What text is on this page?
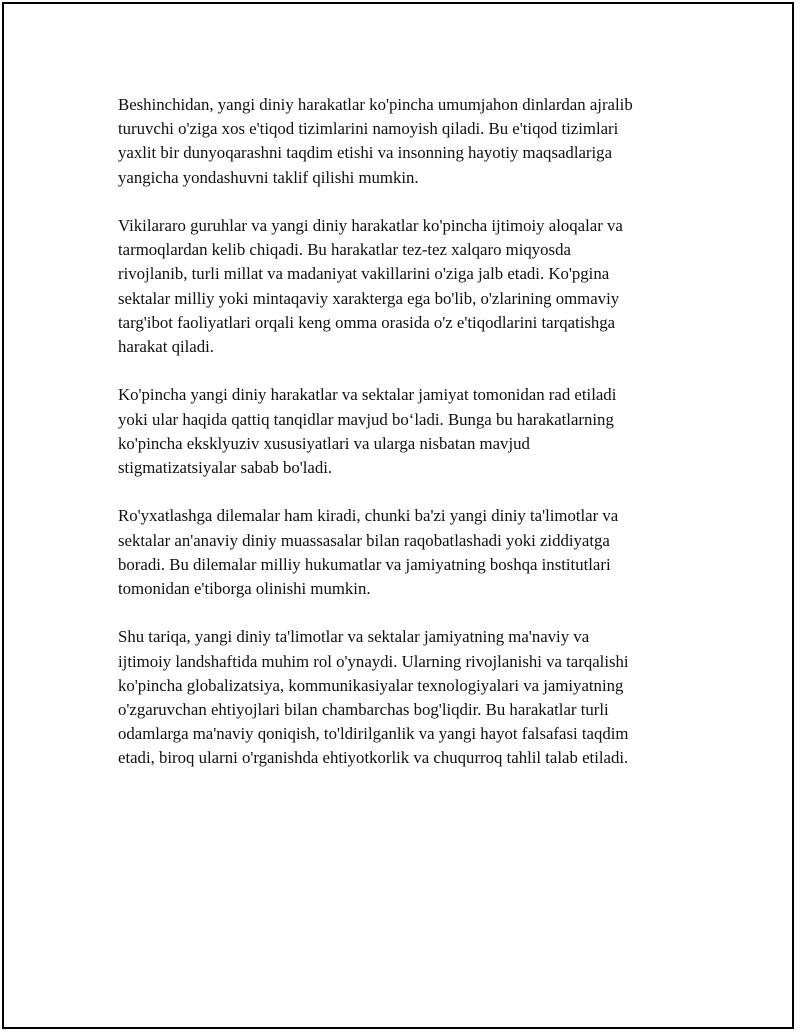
Beshinchidan, yangi diniy harakatlar ko'pincha umumjahon dinlardan ajralib
turuvchi o'ziga xos e'tiqod tizimlarini namoyish qiladi. Bu e'tiqod tizimlari
yaxlit bir dunyoqarashni taqdim etishi va insonning hayotiy maqsadlariga
yangicha yondashuvni taklif qilishi mumkin.

Vikilararo guruhlar va yangi diniy harakatlar ko'pincha ijtimoiy aloqalar va
tarmoqlardan kelib chiqadi. Bu harakatlar tez-tez xalqaro miqyosda
rivojlanib, turli millat va madaniyat vakillarini o'ziga jalb etadi. Ko'pgina
sektalar milliy yoki mintaqaviy xarakterga ega bo'lib, o'zlarining ommaviy
targ'ibot faoliyatlari orqali keng omma orasida o'z e'tiqodlarini tarqatishga
harakat qiladi.

Ko'pincha yangi diniy harakatlar va sektalar jamiyat tomonidan rad etiladi
yoki ular haqida qattiq tanqidlar mavjud bo‘ladi. Bunga bu harakatlarning
ko'pincha eksklyuziv xususiyatlari va ularga nisbatan mavjud
stigmatizatsiyalar sabab bo'ladi.

Ro'yxatlashga dilemalar ham kiradi, chunki ba'zi yangi diniy ta'limotlar va
sektalar an'anaviy diniy muassasalar bilan raqobatlashadi yoki ziddiyatga
boradi. Bu dilemalar milliy hukumatlar va jamiyatning boshqa institutlari
tomonidan e'tiborga olinishi mumkin.

Shu tariqa, yangi diniy ta'limotlar va sektalar jamiyatning ma'naviy va
ijtimoiy landshaftida muhim rol o'ynaydi. Ularning rivojlanishi va tarqalishi
ko'pincha globalizatsiya, kommunikasiyalar texnologiyalari va jamiyatning
o'zgaruvchan ehtiyojlari bilan chambarchas bog'liqdir. Bu harakatlar turli
odamlarga ma'naviy qoniqish, to'ldirilganlik va yangi hayot falsafasi taqdim
etadi, biroq ularni o'rganishda ehtiyotkorlik va chuqurroq tahlil talab etiladi.
